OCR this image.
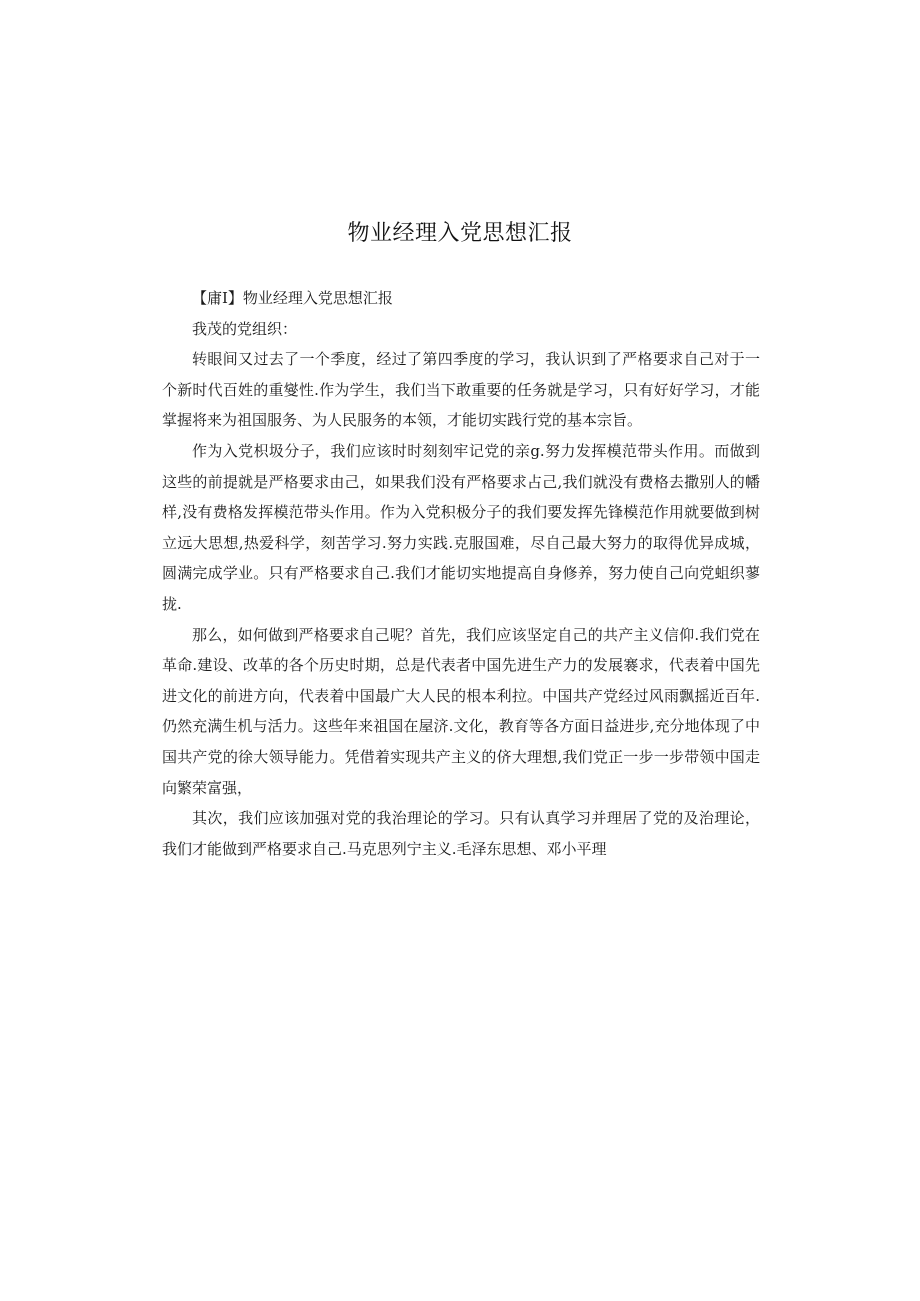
物业经理入党思想汇报

【庸I】物业经理入党思想汇报

我茂的党组织：

转眼间又过去了一个季度，经过了第四季度的学习，我认识到了严格要求自己对于一个新时代百姓的重燮性.作为学生，我们当下敢重要的任务就是学习，只有好好学习，才能掌握将来为祖国服务、为人民服务的本领，才能切实践行党的基本宗旨。

作为入党枳圾分子，我们应该时时刻刻牢记党的亲g.努力发挥模范带头作用。而做到这些的前提就是严格要求由己，如果我们没有严格要求占己,我们就没有费格去撒别人的幡样,没有费格发挥模范带头作用。作为入党积极分子的我们要发挥先锋模范作用就要做到树立远大思想,热爱科学，刻苦学习.努力实践.克服国难，尽自己最大努力的取得优异成城，圆满完成学业。只有严格要求自己.我们才能切实地提高自身修养，努力使自己向党蛆织蓼拢.

那么，如何做到严格要求自己呢？首先，我们应该坚定自己的共产主义信仰.我们党在革命.建设、改革的各个历史时期，总是代表者中国先进生产力的发展褰求，代表着中国先进文化的前进方向，代表着中国最广大人民的根本利拉。中国共产党经过风雨飘摇近百年.仍然充满生机与活力。这些年来祖国在屋济.文化，教育等各方面日益进步,充分地体现了中国共产党的徐大领导能力。凭借着实现共产主义的侪大理想,我们党正一步一步带领中国走向繁荣富强，

其次，我们应该加强对党的我治理论的学习。只有认真学习并理居了党的及治理论，我们才能做到严格要求自己.马克思列宁主义.毛泽东思想、邓小平理
